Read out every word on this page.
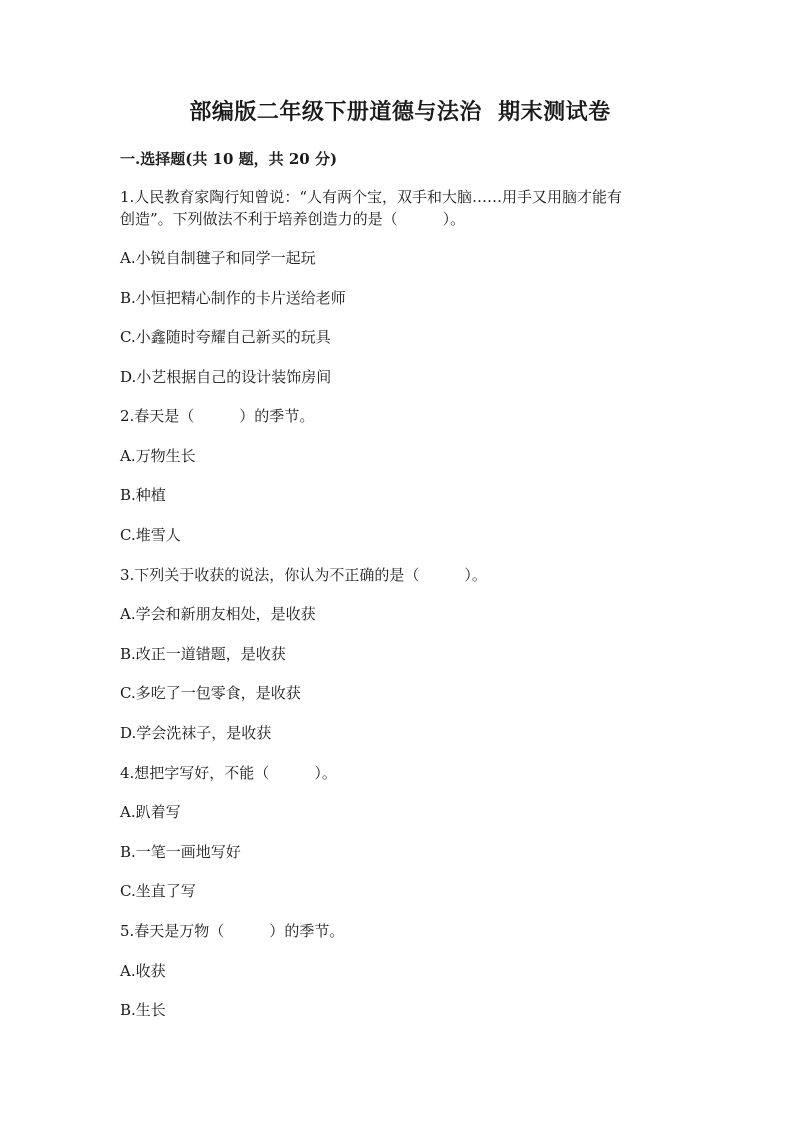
部编版二年级下册道德与法治  期末测试卷
一.选择题(共 10 题，共 20 分)
1.人民教育家陶行知曾说：“人有两个宝，双手和大脑……用手又用脑才能有
创造”。下列做法不利于培养创造力的是（　　　）。
A.小锐自制毽子和同学一起玩
B.小恒把精心制作的卡片送给老师
C.小鑫随时夸耀自己新买的玩具
D.小艺根据自己的设计装饰房间
2.春天是（　　　）的季节。
A.万物生长
B.种植
C.堆雪人
3.下列关于收获的说法，你认为不正确的是（　　　）。
A.学会和新朋友相处，是收获
B.改正一道错题，是收获
C.多吃了一包零食，是收获
D.学会洗袜子，是收获
4.想把字写好，不能（　　　）。
A.趴着写
B.一笔一画地写好
C.坐直了写
5.春天是万物（　　　）的季节。
A.收获
B.生长
